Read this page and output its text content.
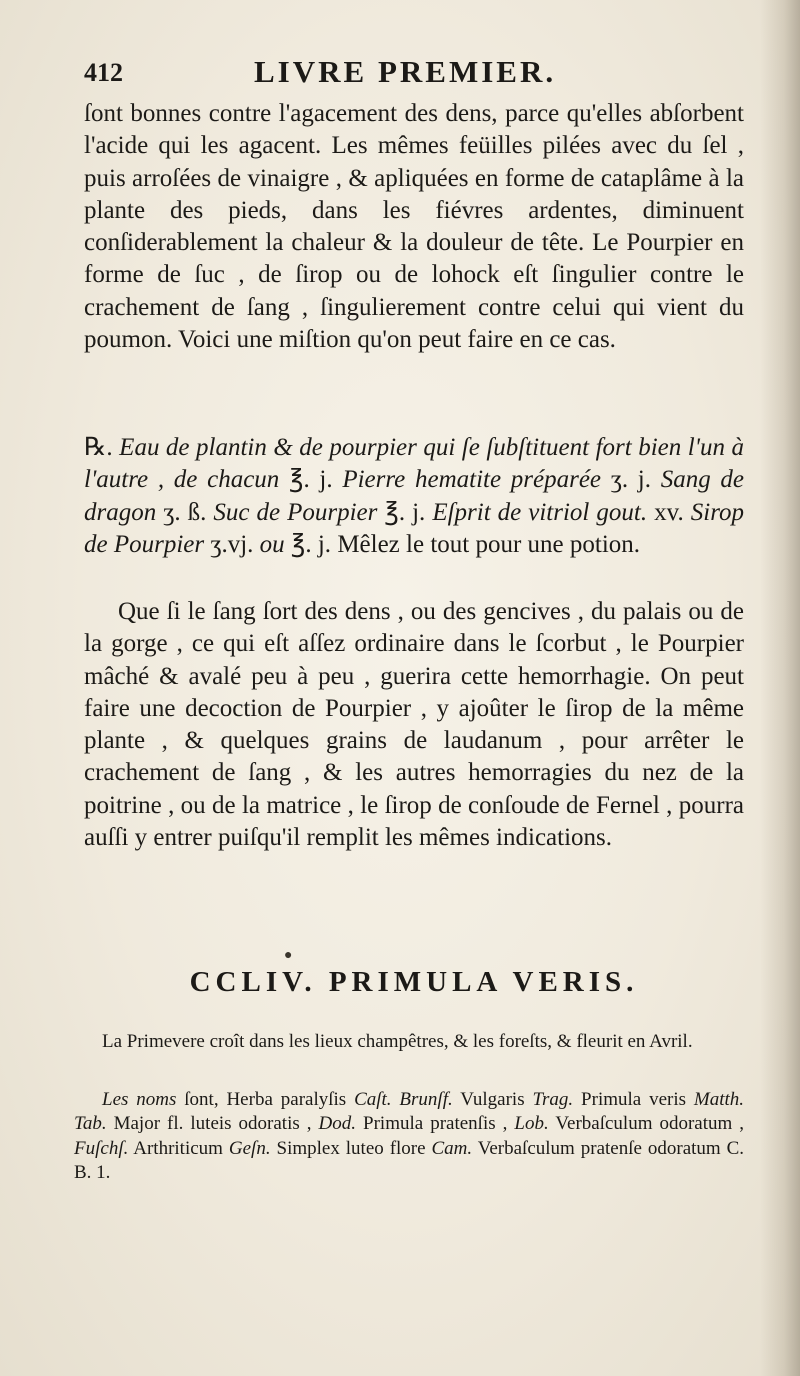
412	LIVRE PREMIER.

ſont bonnes contre l'agacement des dens, parce qu'elles abſorbent l'acide qui les agacent. Les mêmes feüilles pilées avec du ſel , puis arroſées de vinaigre , & apliquées en forme de cataplâme à la plante des pieds, dans les fiévres ardentes, diminuent conſiderablement la chaleur & la douleur de tête. Le Pourpier en forme de ſuc , de ſirop ou de lohock eſt ſingulier contre le crachement de ſang , ſingulierement contre celui qui vient du poumon. Voici une miſtion qu'on peut faire en ce cas.

℞. Eau de plantin & de pourpier qui ſe ſubſtituent fort bien l'un à l'autre , de chacun ℥. j. Pierre hematite préparée ʒ. j. Sang de dragon ʒ. ß. Suc de Pourpier ℥. j. Eſprit de vitriol gout. xv. Sirop de Pourpier ʒ.vj. ou ℥. j. Mêlez le tout pour une potion.

Que ſi le ſang ſort des dens , ou des gencives , du palais ou de la gorge , ce qui eſt aſſez ordinaire dans le ſcorbut , le Pourpier mâché & avalé peu à peu , guerira cette hemorrhagie. On peut faire une decoction de Pourpier , y ajoûter le ſirop de la même plante , & quelques grains de laudanum , pour arrêter le crachement de ſang , & les autres hemorragies du nez de la poitrine , ou de la matrice , le ſirop de conſoude de Fernel , pourra auſſi y entrer puiſqu'il remplit les mêmes indications.

●
CCLIV. PRIMULA VERIS.

La Primevere croît dans les lieux champêtres, & les foreſts, & fleurit en Avril.

Les noms ſont, Herba paralyſis Caſt. Brunſf. Vulgaris Trag. Primula veris Matth. Tab. Major fl. luteis odoratis , Dod. Primula pratenſis , Lob. Verbaſculum odoratum , Fuſchſ. Arthriticum Geſn. Simplex luteo flore Cam. Verbaſculum pratenſe odoratum C. B. 1.
